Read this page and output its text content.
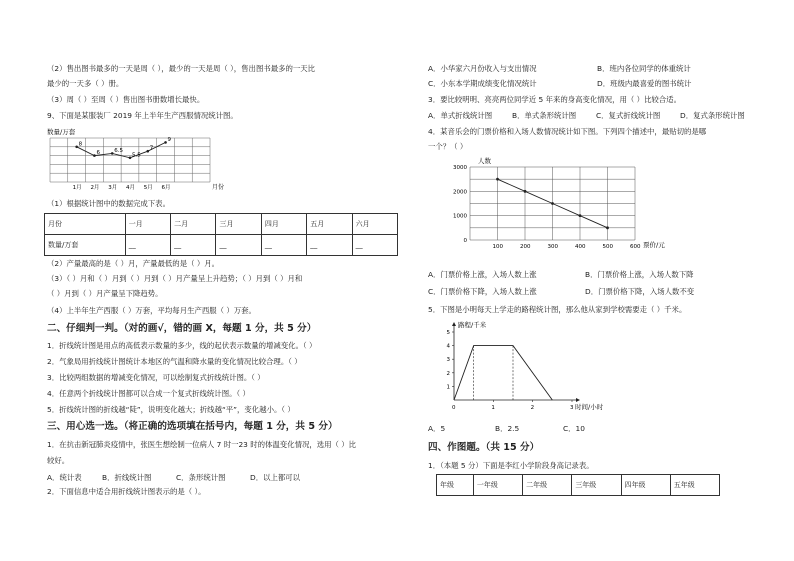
（2）售出图书最多的一天是周（ ），最少的一天是周（ ），售出图书最多的一天比
最少的一天多（ ）册。
（3）周（ ）至周（ ）售出图书册数增长最快。
9、下面是某服装厂 2019 年上半年生产西服情况统计图。
数量/万套
月份
8
6	6.5
5.5
7
9
1月 2月 3月 4月 5月 6月
（1）根据统计图中的数据完成下表。
月份	一月	二月	三月	四月	五月	六月
数量/万套	__	__	__	__	__	__
（2）产量最高的是（ ）月，产量最低的是（ ）月。
（3）（ ）月和（ ）月到（ ）月到（ ）月产量呈上升趋势；（ ）月到（ ）月和
（ ）月到（ ）月产量呈下降趋势。
（4）上半年生产西服（ ）万套，平均每月生产西服（ ）万套。
二、仔细判一判。（对的画√，错的画 X，每题 1 分，共 5 分）
1．折线统计图是用点的高低表示数量的多少，线的起伏表示数量的增减变化。（ ）
2．气象局用折线统计图统计本地区的气温和降水量的变化情况比较合理。（ ）
3．比较两组数据的增减变化情况，可以绘制复式折线统计图。（ ）
4．任意两个折线统计图都可以合成一个复式折线统计图。（ ）
5．折线统计图的折线越“陡”，说明变化越大；折线越“平”，变化越小。（ ）
三、用心选一选。（将正确的选项填在括号内，每题 1 分，共 5 分）
1．在抗击新冠肺炎疫情中，张医生想绘制一位病人 7 时一23 时的体温变化情况，选用（ ）比
较好。
A．统计表	B．折线统计图	C．条形统计图	D．以上都可以
2．下面信息中适合用折线统计图表示的是（ ）。
A．小华家六月份收入与支出情况	B．班内各位同学的体重统计
C．小东本学期成绩变化情况统计	D．班级内最喜爱的图书统计
3．要比较明明、亮亮两位同学近 5 年来的身高变化情况，用（ ）比较合适。
A．单式折线统计图	B．单式条形统计图	C．复式折线统计图	D．复式条形统计图
4．某音乐会的门票价格和入场人数情况统计如下图。下列四个描述中，最贴切的是哪
一个？（ ）
人数
票价/元
100	200	300	400	500	600
0
1000
2000
3000
A．门票价格上涨，入场人数上涨	B．门票价格上涨，入场人数下降
C．门票价格下降，入场人数上涨	D．门票价格下降，入场人数不变
5．下图是小明每天上学走的路程统计图，那么他从家到学校需要走（ ）千米。
路程/千米
时间/小时
1
2
3
4
5
0	1	2	3
A．5	B．2.5	C．10
四、作图题。（共 15 分）
1．（本题 5 分）下面是李红小学阶段身高记录表。
年级	一年级	二年级	三年级	四年级	五年级
